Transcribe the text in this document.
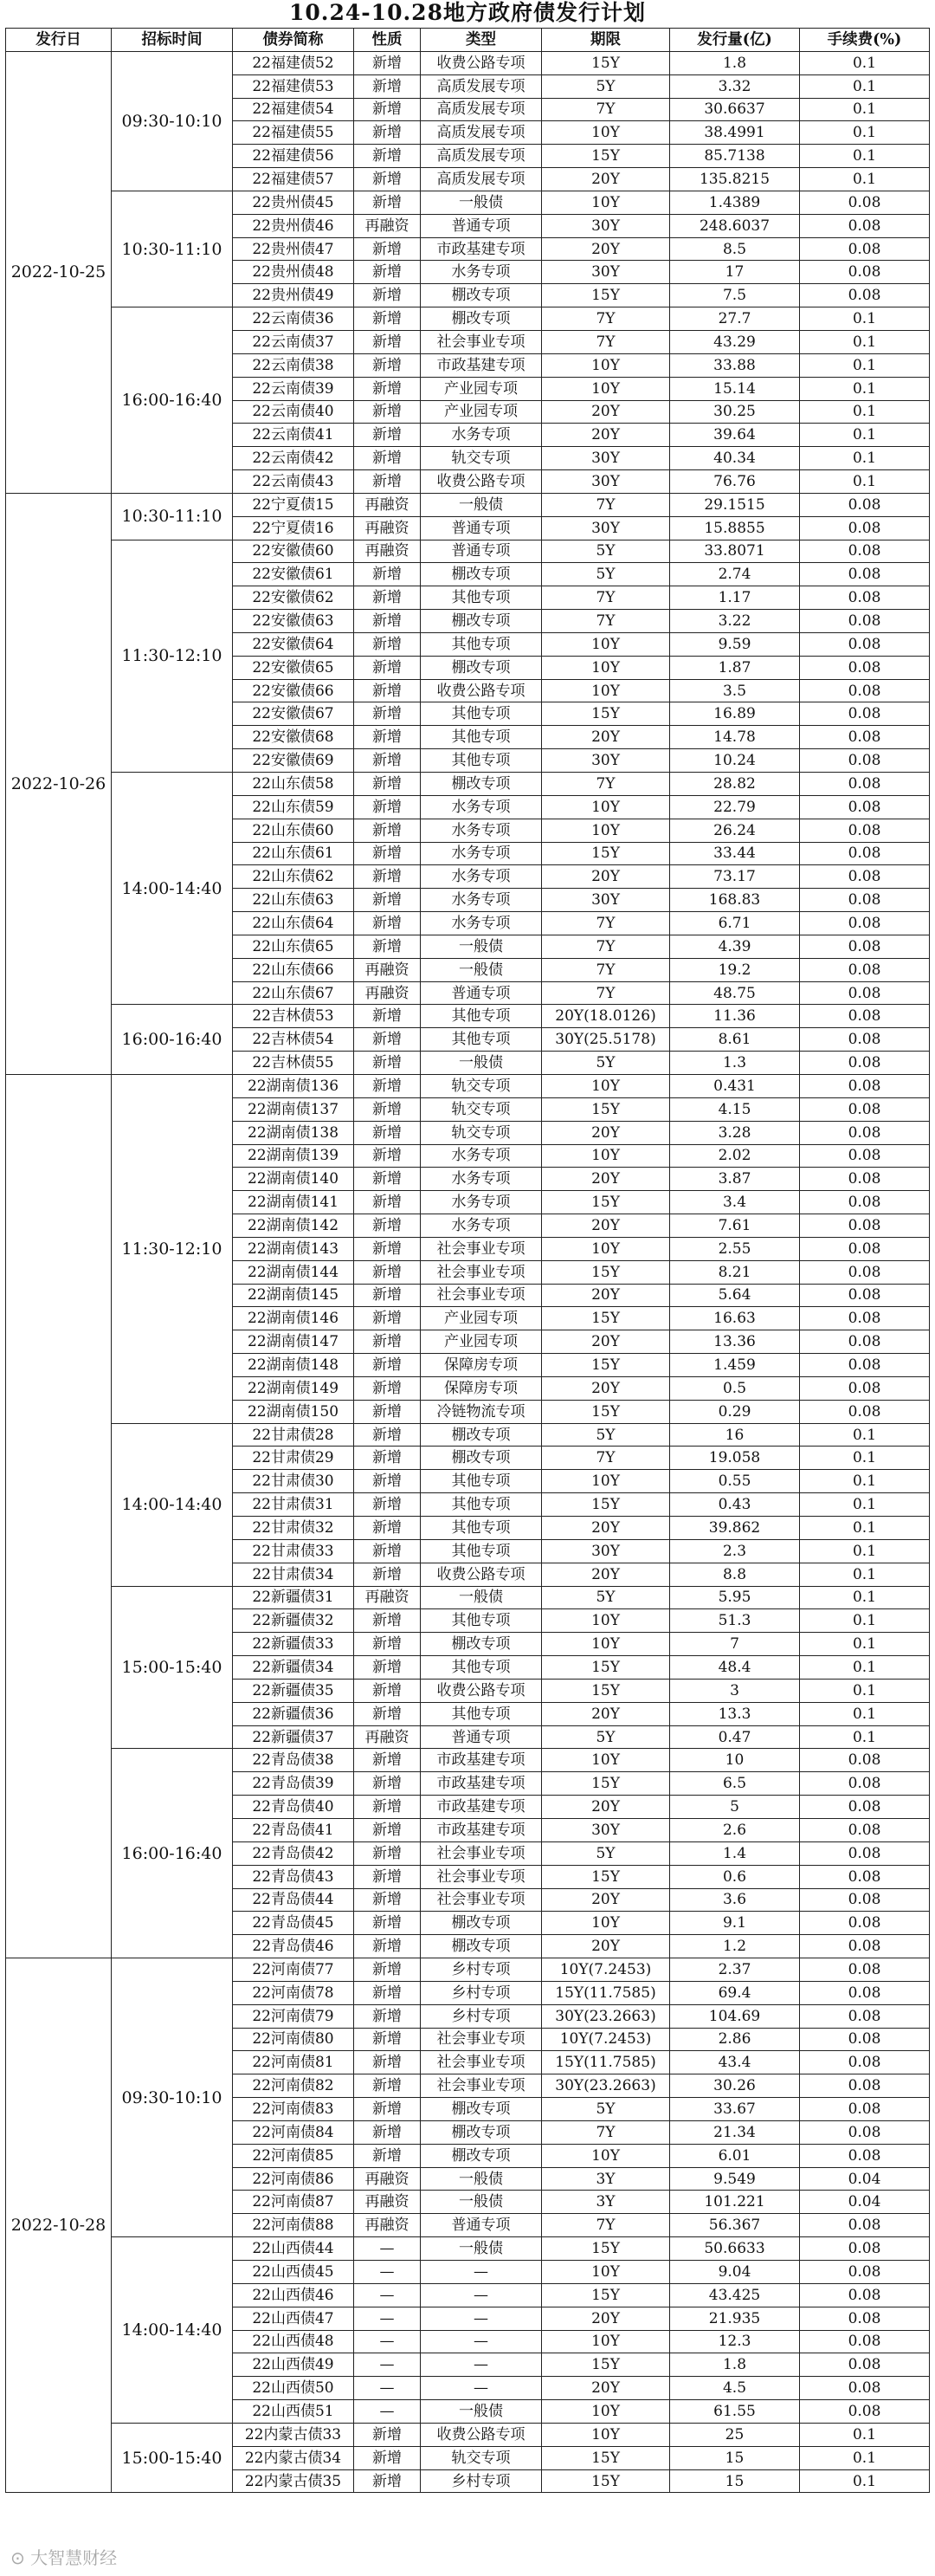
10.24-10.28地方政府债发行计划
发行日	招标时间	债券简称	性质	类型	期限	发行量(亿)	手续费(%)
2022-10-25	09:30-10:10	22福建债52	新增	收费公路专项	15Y	1.8	0.1
		22福建债53	新增	高质发展专项	5Y	3.32	0.1
		22福建债54	新增	高质发展专项	7Y	30.6637	0.1
		22福建债55	新增	高质发展专项	10Y	38.4991	0.1
		22福建债56	新增	高质发展专项	15Y	85.7138	0.1
		22福建债57	新增	高质发展专项	20Y	135.8215	0.1
	10:30-11:10	22贵州债45	新增	一般债	10Y	1.4389	0.08
		22贵州债46	再融资	普通专项	30Y	248.6037	0.08
		22贵州债47	新增	市政基建专项	20Y	8.5	0.08
		22贵州债48	新增	水务专项	30Y	17	0.08
		22贵州债49	新增	棚改专项	15Y	7.5	0.08
	16:00-16:40	22云南债36	新增	棚改专项	7Y	27.7	0.1
		22云南债37	新增	社会事业专项	7Y	43.29	0.1
		22云南债38	新增	市政基建专项	10Y	33.88	0.1
		22云南债39	新增	产业园专项	10Y	15.14	0.1
		22云南债40	新增	产业园专项	20Y	30.25	0.1
		22云南债41	新增	水务专项	20Y	39.64	0.1
		22云南债42	新增	轨交专项	30Y	40.34	0.1
		22云南债43	新增	收费公路专项	30Y	76.76	0.1
2022-10-26	10:30-11:10	22宁夏债15	再融资	一般债	7Y	29.1515	0.08
		22宁夏债16	再融资	普通专项	30Y	15.8855	0.08
	11:30-12:10	22安徽债60	再融资	普通专项	5Y	33.8071	0.08
		22安徽债61	新增	棚改专项	5Y	2.74	0.08
		22安徽债62	新增	其他专项	7Y	1.17	0.08
		22安徽债63	新增	棚改专项	7Y	3.22	0.08
		22安徽债64	新增	其他专项	10Y	9.59	0.08
		22安徽债65	新增	棚改专项	10Y	1.87	0.08
		22安徽债66	新增	收费公路专项	10Y	3.5	0.08
		22安徽债67	新增	其他专项	15Y	16.89	0.08
		22安徽债68	新增	其他专项	20Y	14.78	0.08
		22安徽债69	新增	其他专项	30Y	10.24	0.08
	14:00-14:40	22山东债58	新增	棚改专项	7Y	28.82	0.08
		22山东债59	新增	水务专项	10Y	22.79	0.08
		22山东债60	新增	水务专项	10Y	26.24	0.08
		22山东债61	新增	水务专项	15Y	33.44	0.08
		22山东债62	新增	水务专项	20Y	73.17	0.08
		22山东债63	新增	水务专项	30Y	168.83	0.08
		22山东债64	新增	水务专项	7Y	6.71	0.08
		22山东债65	新增	一般债	7Y	4.39	0.08
		22山东债66	再融资	一般债	7Y	19.2	0.08
		22山东债67	再融资	普通专项	7Y	48.75	0.08
	16:00-16:40	22吉林债53	新增	其他专项	20Y(18.0126)	11.36	0.08
		22吉林债54	新增	其他专项	30Y(25.5178)	8.61	0.08
		22吉林债55	新增	一般债	5Y	1.3	0.08
	11:30-12:10	22湖南债136	新增	轨交专项	10Y	0.431	0.08
		22湖南债137	新增	轨交专项	15Y	4.15	0.08
		22湖南债138	新增	轨交专项	20Y	3.28	0.08
		22湖南债139	新增	水务专项	10Y	2.02	0.08
		22湖南债140	新增	水务专项	20Y	3.87	0.08
		22湖南债141	新增	水务专项	15Y	3.4	0.08
		22湖南债142	新增	水务专项	20Y	7.61	0.08
		22湖南债143	新增	社会事业专项	10Y	2.55	0.08
		22湖南债144	新增	社会事业专项	15Y	8.21	0.08
		22湖南债145	新增	社会事业专项	20Y	5.64	0.08
		22湖南债146	新增	产业园专项	15Y	16.63	0.08
		22湖南债147	新增	产业园专项	20Y	13.36	0.08
		22湖南债148	新增	保障房专项	15Y	1.459	0.08
		22湖南债149	新增	保障房专项	20Y	0.5	0.08
		22湖南债150	新增	冷链物流专项	15Y	0.29	0.08
	14:00-14:40	22甘肃债28	新增	棚改专项	5Y	16	0.1
		22甘肃债29	新增	棚改专项	7Y	19.058	0.1
		22甘肃债30	新增	其他专项	10Y	0.55	0.1
		22甘肃债31	新增	其他专项	15Y	0.43	0.1
		22甘肃债32	新增	其他专项	20Y	39.862	0.1
		22甘肃债33	新增	其他专项	30Y	2.3	0.1
		22甘肃债34	新增	收费公路专项	20Y	8.8	0.1
	15:00-15:40	22新疆债31	再融资	一般债	5Y	5.95	0.1
		22新疆债32	新增	其他专项	10Y	51.3	0.1
		22新疆债33	新增	棚改专项	10Y	7	0.1
		22新疆债34	新增	其他专项	15Y	48.4	0.1
		22新疆债35	新增	收费公路专项	15Y	3	0.1
		22新疆债36	新增	其他专项	20Y	13.3	0.1
		22新疆债37	再融资	普通专项	5Y	0.47	0.1
	16:00-16:40	22青岛债38	新增	市政基建专项	10Y	10	0.08
		22青岛债39	新增	市政基建专项	15Y	6.5	0.08
		22青岛债40	新增	市政基建专项	20Y	5	0.08
		22青岛债41	新增	市政基建专项	30Y	2.6	0.08
		22青岛债42	新增	社会事业专项	5Y	1.4	0.08
		22青岛债43	新增	社会事业专项	15Y	0.6	0.08
		22青岛债44	新增	社会事业专项	20Y	3.6	0.08
		22青岛债45	新增	棚改专项	10Y	9.1	0.08
		22青岛债46	新增	棚改专项	20Y	1.2	0.08
2022-10-28	09:30-10:10	22河南债77	新增	乡村专项	10Y(7.2453)	2.37	0.08
		22河南债78	新增	乡村专项	15Y(11.7585)	69.4	0.08
		22河南债79	新增	乡村专项	30Y(23.2663)	104.69	0.08
		22河南债80	新增	社会事业专项	10Y(7.2453)	2.86	0.08
		22河南债81	新增	社会事业专项	15Y(11.7585)	43.4	0.08
		22河南债82	新增	社会事业专项	30Y(23.2663)	30.26	0.08
		22河南债83	新增	棚改专项	5Y	33.67	0.08
		22河南债84	新增	棚改专项	7Y	21.34	0.08
		22河南债85	新增	棚改专项	10Y	6.01	0.08
		22河南债86	再融资	一般债	3Y	9.549	0.04
		22河南债87	再融资	一般债	3Y	101.221	0.04
		22河南债88	再融资	普通专项	7Y	56.367	0.08
	14:00-14:40	22山西债44	—	一般债	15Y	50.6633	0.08
		22山西债45	—	—	10Y	9.04	0.08
		22山西债46	—	—	15Y	43.425	0.08
		22山西债47	—	—	20Y	21.935	0.08
		22山西债48	—	—	10Y	12.3	0.08
		22山西债49	—	—	15Y	1.8	0.08
		22山西债50	—	—	20Y	4.5	0.08
		22山西债51	—	一般债	10Y	61.55	0.08
	15:00-15:40	22内蒙古债33	新增	收费公路专项	10Y	25	0.1
		22内蒙古债34	新增	轨交专项	15Y	15	0.1
		22内蒙古债35	新增	乡村专项	15Y	15	0.1
⊙ 大智慧财经
